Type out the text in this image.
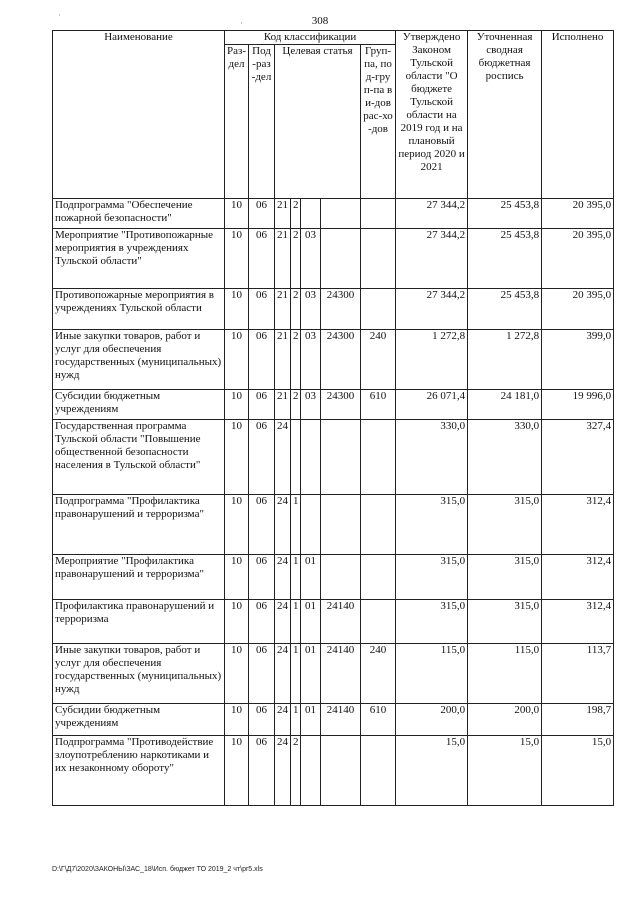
·
·	308
Наименование	Код классификации							Утверждено Законом Тульской области "О бюджете Тульской области на 2019 год и на плановый период 2020 и 2021	Уточненная сводная бюджетная роспись	Исполнено
	Раз-дел	Под-раз-дел	Целевая статья				Груп-па, под-груп-па ви-дов рас-хо-дов			
Подпрограмма "Обеспечение пожарной безопасности"	10	06	21	2				27 344,2	25 453,8	20 395,0
Мероприятие "Противопожарные мероприятия в учреждениях Тульской области"	10	06	21	2	03			27 344,2	25 453,8	20 395,0
Противопожарные мероприятия в учреждениях Тульской области	10	06	21	2	03	24300		27 344,2	25 453,8	20 395,0
Иные закупки товаров, работ и услуг для обеспечения государственных (муниципальных) нужд	10	06	21	2	03	24300	240	1 272,8	1 272,8	399,0
Субсидии бюджетным учреждениям	10	06	21	2	03	24300	610	26 071,4	24 181,0	19 996,0
Государственная программа Тульской области "Повышение общественной безопасности населения в Тульской области"	10	06	24					330,0	330,0	327,4
Подпрограмма "Профилактика правонарушений и терроризма"	10	06	24	1				315,0	315,0	312,4
Мероприятие "Профилактика правонарушений и терроризма"	10	06	24	1	01			315,0	315,0	312,4
Профилактика правонарушений и терроризма	10	06	24	1	01	24140		315,0	315,0	312,4
Иные закупки товаров, работ и услуг для обеспечения государственных (муниципальных) нужд	10	06	24	1	01	24140	240	115,0	115,0	113,7
Субсидии бюджетным учреждениям	10	06	24	1	01	24140	610	200,0	200,0	198,7
Подпрограмма "Противодействие злоупотреблению наркотиками и их незаконному обороту"	10	06	24	2				15,0	15,0	15,0
D:\Г\Д7\2020\ЗАКОНЫ\ЗАС_18\Исп. бюджет ТО 2019_2 чт\pr5.xls
